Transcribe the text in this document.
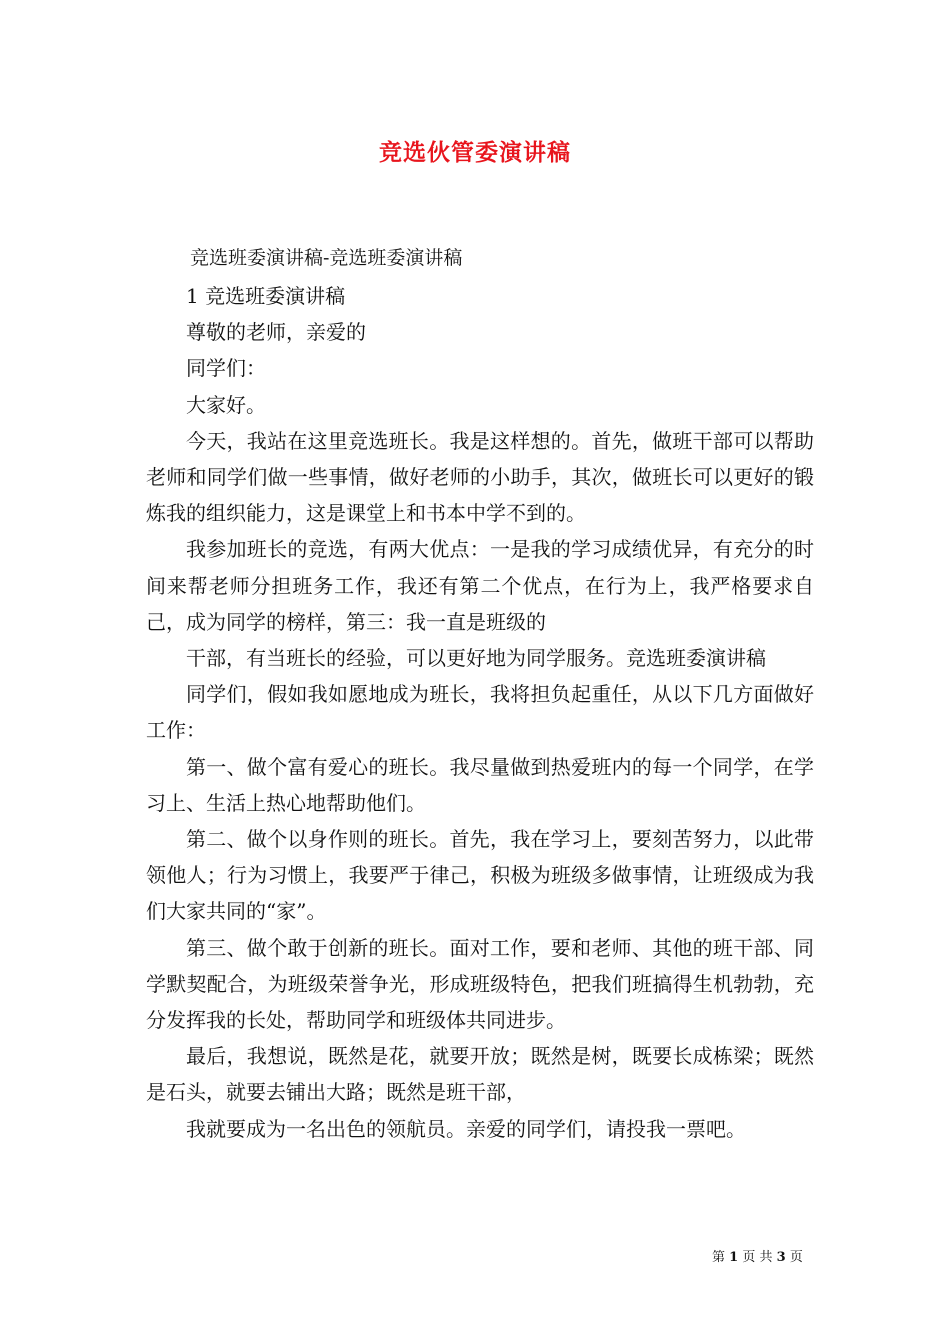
竞选伙管委演讲稿
竞选班委演讲稿-竞选班委演讲稿

1 竞选班委演讲稿

尊敬的老师，亲爱的

同学们：

大家好。

今天，我站在这里竞选班长。我是这样想的。首先，做班干部可以帮助老师和同学们做一些事情，做好老师的小助手，其次，做班长可以更好的锻炼我的组织能力，这是课堂上和书本中学不到的。

我参加班长的竞选，有两大优点：一是我的学习成绩优异，有充分的时间来帮老师分担班务工作，我还有第二个优点，在行为上，我严格要求自己，成为同学的榜样，第三：我一直是班级的

干部，有当班长的经验，可以更好地为同学服务。竞选班委演讲稿

同学们，假如我如愿地成为班长，我将担负起重任，从以下几方面做好工作：

第一、做个富有爱心的班长。我尽量做到热爱班内的每一个同学，在学习上、生活上热心地帮助他们。

第二、做个以身作则的班长。首先，我在学习上，要刻苦努力，以此带领他人；行为习惯上，我要严于律己，积极为班级多做事情，让班级成为我们大家共同的“家”。

第三、做个敢于创新的班长。面对工作，要和老师、其他的班干部、同学默契配合，为班级荣誉争光，形成班级特色，把我们班搞得生机勃勃，充分发挥我的长处，帮助同学和班级体共同进步。

最后，我想说，既然是花，就要开放；既然是树，既要长成栋梁；既然是石头，就要去铺出大路；既然是班干部，

我就要成为一名出色的领航员。亲爱的同学们，请投我一票吧。

第 1 页 共 3 页
